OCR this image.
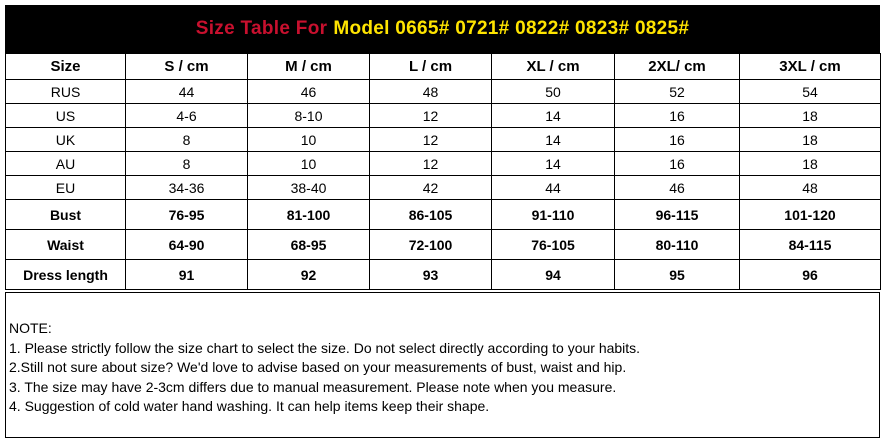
Size Table For Model 0665# 0721# 0822# 0823# 0825#
Size	S / cm	M / cm	L / cm	XL / cm	2XL/ cm	3XL / cm
RUS	44	46	48	50	52	54
US	4-6	8-10	12	14	16	18
UK	8	10	12	14	16	18
AU	8	10	12	14	16	18
EU	34-36	38-40	42	44	46	48
Bust	76-95	81-100	86-105	91-110	96-115	101-120
Waist	64-90	68-95	72-100	76-105	80-110	84-115
Dress length	91	92	93	94	95	96
NOTE:
1. Please strictly follow the size chart to select the size. Do not select directly according to your habits.
2.Still not sure about size? We'd love to advise based on your measurements of bust, waist and hip.
3. The size may have 2-3cm differs due to manual measurement. Please note when you measure.
4. Suggestion of cold water hand washing. It can help items keep their shape.
